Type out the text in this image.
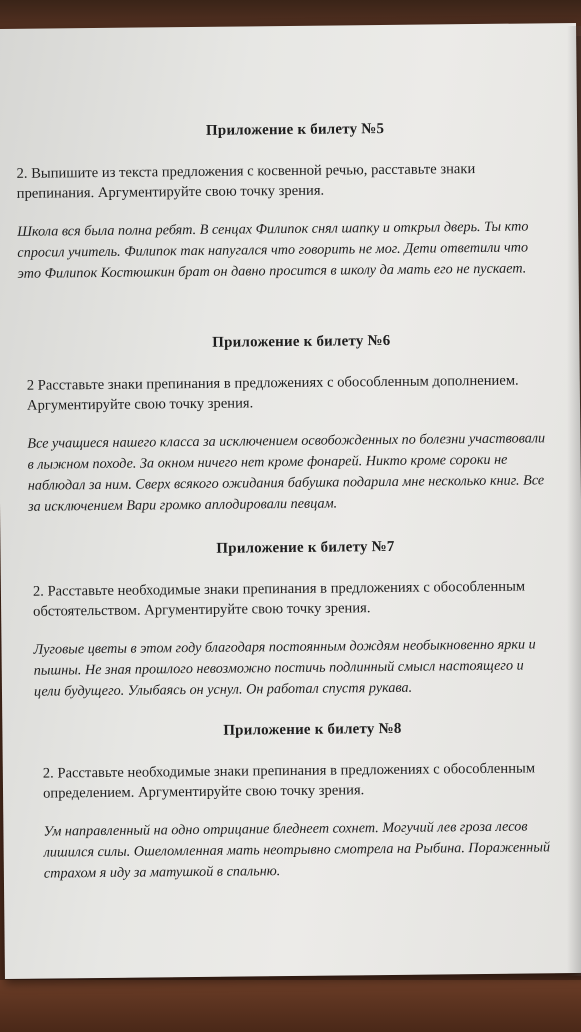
Приложение к билету №5

2. Выпишите из текста предложения с косвенной речью, расставьте знаки препинания. Аргументируйте свою точку зрения.

Школа вся была полна ребят. В сенцах Филипок снял шапку и открыл дверь. Ты кто спросил учитель. Филипок так напугался что говорить не мог. Дети ответили что это Филипок Костюшкин брат он давно просится в школу да мать его не пускает.

Приложение к билету №6

2 Расставьте знаки препинания в предложениях с обособленным дополнением. Аргументируйте свою точку зрения.

Все учащиеся нашего класса за исключением освобожденных по болезни участвовали в лыжном походе. За окном ничего нет кроме фонарей. Никто кроме сороки не наблюдал за ним. Сверх всякого ожидания бабушка подарила мне несколько книг. Все за исключением Вари громко аплодировали певцам.

Приложение к билету №7

2. Расставьте необходимые знаки препинания в предложениях с обособленным обстоятельством. Аргументируйте свою точку зрения.

Луговые цветы в этом году благодаря постоянным дождям необыкновенно ярки и пышны. Не зная прошлого невозможно постичь подлинный смысл настоящего и цели будущего. Улыбаясь он уснул. Он работал спустя рукава.

Приложение к билету №8

2. Расставьте необходимые знаки препинания в предложениях с обособленным определением. Аргументируйте свою точку зрения.

Ум направленный на одно отрицание бледнеет сохнет. Могучий лев гроза лесов лишился силы. Ошеломленная мать неотрывно смотрела на Рыбина. Пораженный страхом я иду за матушкой в спальню.
